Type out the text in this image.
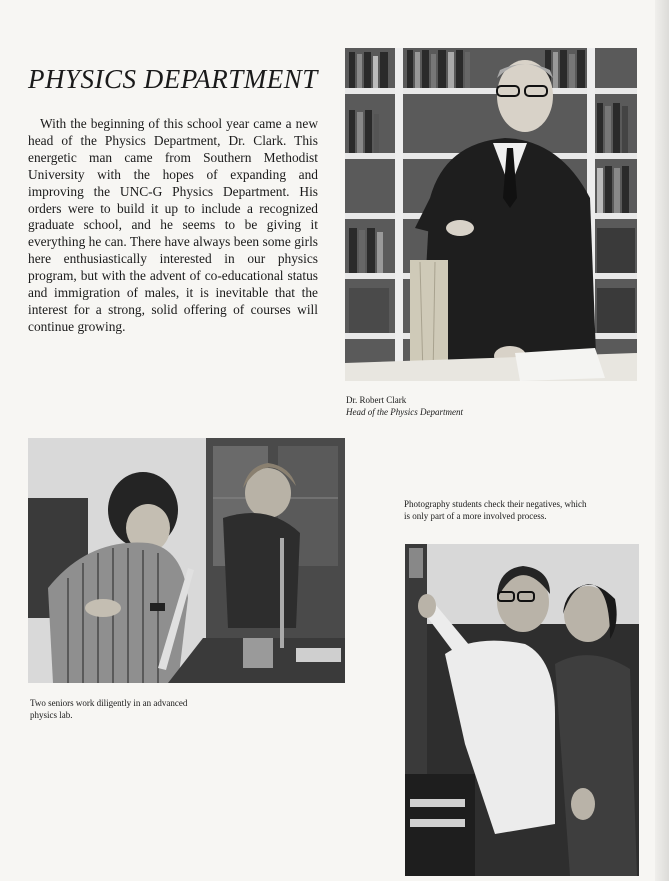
PHYSICS DEPARTMENT

With the beginning of this school year came a new head of the Physics Department, Dr. Clark. This energetic man came from Southern Methodist University with the hopes of expanding and improving the UNC-G Physics Department. His orders were to build it up to include a recognized graduate school, and he seems to be giving it everything he can. There have always been some girls here enthusiastically interested in our physics program, but with the advent of co-educational status and immigration of males, it is inevitable that the interest for a strong, solid offering of courses will continue growing.

Dr. Robert Clark
Head of the Physics Department

Two seniors work diligently in an advanced physics lab.

Photography students check their negatives, which is only part of a more involved process.
